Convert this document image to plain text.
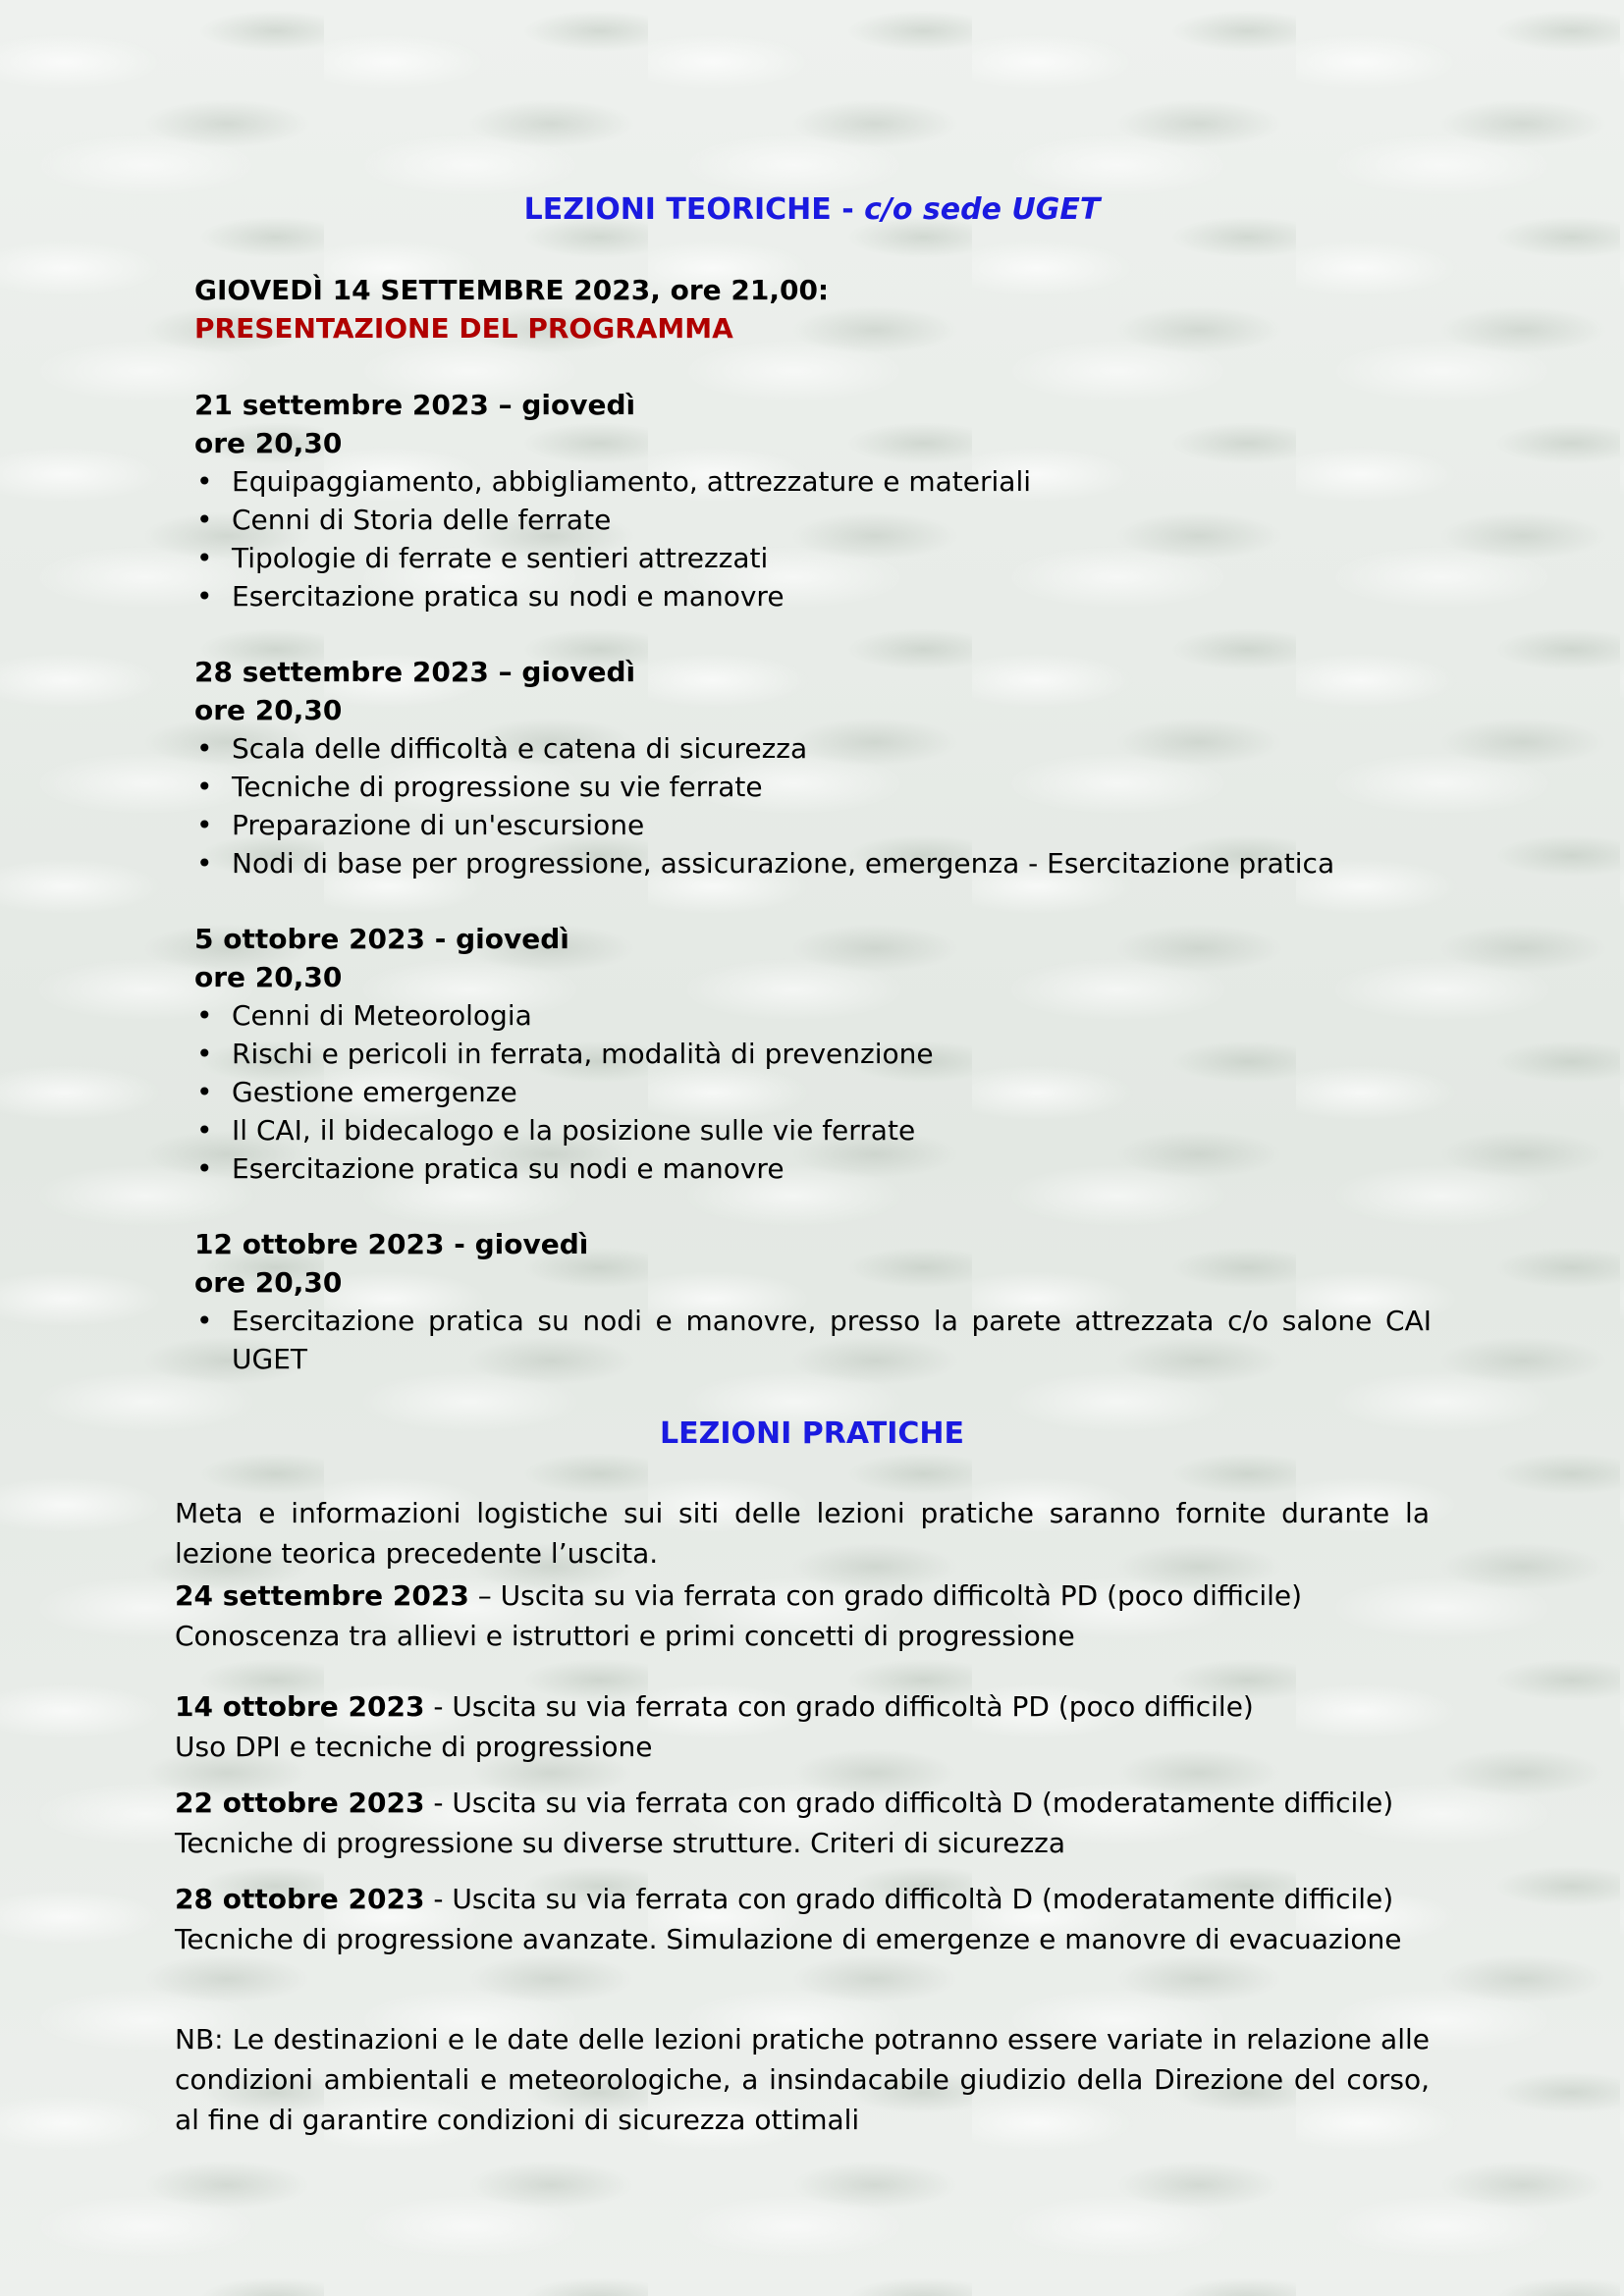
LEZIONI TEORICHE - c/o sede UGET
GIOVEDÌ 14 SETTEMBRE 2023, ore 21,00:
PRESENTAZIONE DEL PROGRAMMA
21 settembre 2023 – giovedì
ore 20,30
• Equipaggiamento, abbigliamento, attrezzature e materiali
• Cenni di Storia delle ferrate
• Tipologie di ferrate e sentieri attrezzati
• Esercitazione pratica su nodi e manovre
28 settembre 2023 – giovedì
ore 20,30
• Scala delle difficoltà e catena di sicurezza
• Tecniche di progressione su vie ferrate
• Preparazione di un'escursione
• Nodi di base per progressione, assicurazione, emergenza - Esercitazione pratica
5 ottobre 2023 - giovedì
ore 20,30
• Cenni di Meteorologia
• Rischi e pericoli in ferrata, modalità di prevenzione
• Gestione emergenze
• Il CAI, il bidecalogo e la posizione sulle vie ferrate
• Esercitazione pratica su nodi e manovre
12 ottobre 2023 - giovedì
ore 20,30
• Esercitazione pratica su nodi e manovre, presso la parete attrezzata c/o salone CAI UGET
LEZIONI PRATICHE

Meta e informazioni logistiche sui siti delle lezioni pratiche saranno fornite durante la lezione teorica precedente l’uscita.

24 settembre 2023 – Uscita su via ferrata con grado difficoltà PD (poco difficile)

Conoscenza tra allievi e istruttori e primi concetti di progressione

14 ottobre 2023 - Uscita su via ferrata con grado difficoltà PD (poco difficile)

Uso DPI e tecniche di progressione

22 ottobre 2023 - Uscita su via ferrata con grado difficoltà D (moderatamente difficile)

Tecniche di progressione su diverse strutture. Criteri di sicurezza

28 ottobre 2023 - Uscita su via ferrata con grado difficoltà D (moderatamente difficile)

Tecniche di progressione avanzate. Simulazione di emergenze e manovre di evacuazione

NB: Le destinazioni e le date delle lezioni pratiche potranno essere variate in relazione alle condizioni ambientali e meteorologiche, a insindacabile giudizio della Direzione del corso, al fine di garantire condizioni di sicurezza ottimali
